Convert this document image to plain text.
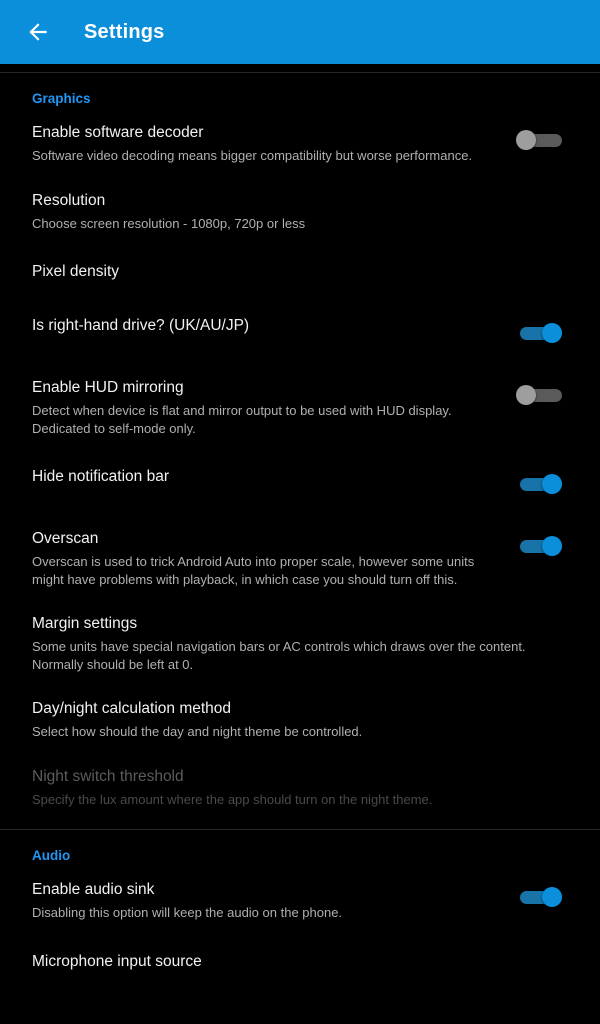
Settings
Graphics
Enable software decoder
Software video decoding means bigger compatibility but worse performance.
Resolution
Choose screen resolution - 1080p, 720p or less
Pixel density
Is right-hand drive? (UK/AU/JP)
Enable HUD mirroring
Detect when device is flat and mirror output to be used with HUD display. Dedicated to self-mode only.
Hide notification bar
Overscan
Overscan is used to trick Android Auto into proper scale, however some units might have problems with playback, in which case you should turn off this.
Margin settings
Some units have special navigation bars or AC controls which draws over the content. Normally should be left at 0.
Day/night calculation method
Select how should the day and night theme be controlled.
Night switch threshold
Specify the lux amount where the app should turn on the night theme.
Audio
Enable audio sink
Disabling this option will keep the audio on the phone.
Microphone input source
